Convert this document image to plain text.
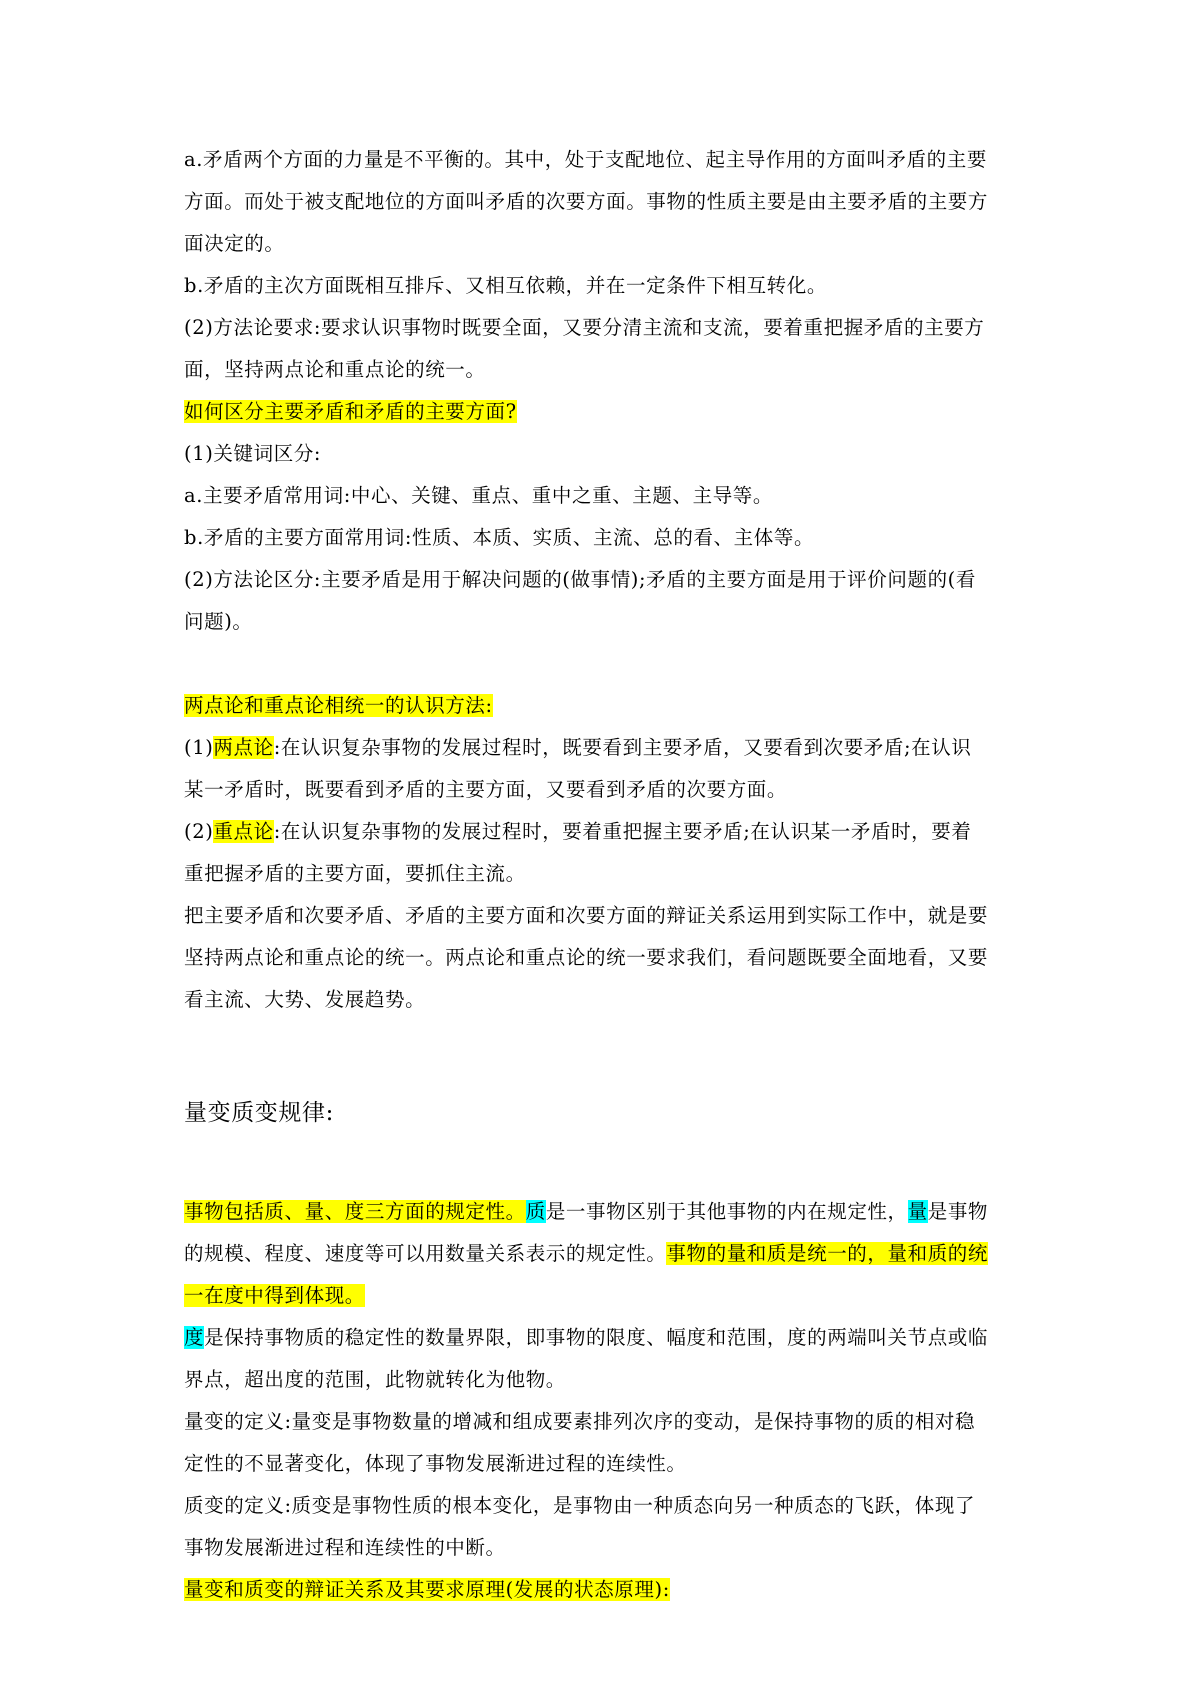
a.矛盾两个方面的力量是不平衡的。其中，处于支配地位、起主导作用的方面叫矛盾的主要
方面。而处于被支配地位的方面叫矛盾的次要方面。事物的性质主要是由主要矛盾的主要方
面决定的。
b.矛盾的主次方面既相互排斥、又相互依赖，并在一定条件下相互转化。
(2)方法论要求:要求认识事物时既要全面，又要分清主流和支流，要着重把握矛盾的主要方
面，坚持两点论和重点论的统一。
如何区分主要矛盾和矛盾的主要方面?
(1)关键词区分:
a.主要矛盾常用词:中心、关键、重点、重中之重、主题、主导等。
b.矛盾的主要方面常用词:性质、本质、实质、主流、总的看、主体等。
(2)方法论区分:主要矛盾是用于解决问题的(做事情);矛盾的主要方面是用于评价问题的(看
问题)。
两点论和重点论相统一的认识方法:
(1)两点论:在认识复杂事物的发展过程时，既要看到主要矛盾，又要看到次要矛盾;在认识
某一矛盾时，既要看到矛盾的主要方面，又要看到矛盾的次要方面。
(2)重点论:在认识复杂事物的发展过程时，要着重把握主要矛盾;在认识某一矛盾时，要着
重把握矛盾的主要方面，要抓住主流。
把主要矛盾和次要矛盾、矛盾的主要方面和次要方面的辩证关系运用到实际工作中，就是要
坚持两点论和重点论的统一。两点论和重点论的统一要求我们，看问题既要全面地看，又要
看主流、大势、发展趋势。
量变质变规律:
事物包括质、量、度三方面的规定性。质是一事物区别于其他事物的内在规定性，量是事物
的规模、程度、速度等可以用数量关系表示的规定性。事物的量和质是统一的，量和质的统
一在度中得到体现。
度是保持事物质的稳定性的数量界限，即事物的限度、幅度和范围，度的两端叫关节点或临
界点，超出度的范围，此物就转化为他物。
量变的定义:量变是事物数量的增减和组成要素排列次序的变动，是保持事物的质的相对稳
定性的不显著变化，体现了事物发展渐进过程的连续性。
质变的定义:质变是事物性质的根本变化，是事物由一种质态向另一种质态的飞跃，体现了
事物发展渐进过程和连续性的中断。
量变和质变的辩证关系及其要求原理(发展的状态原理):
